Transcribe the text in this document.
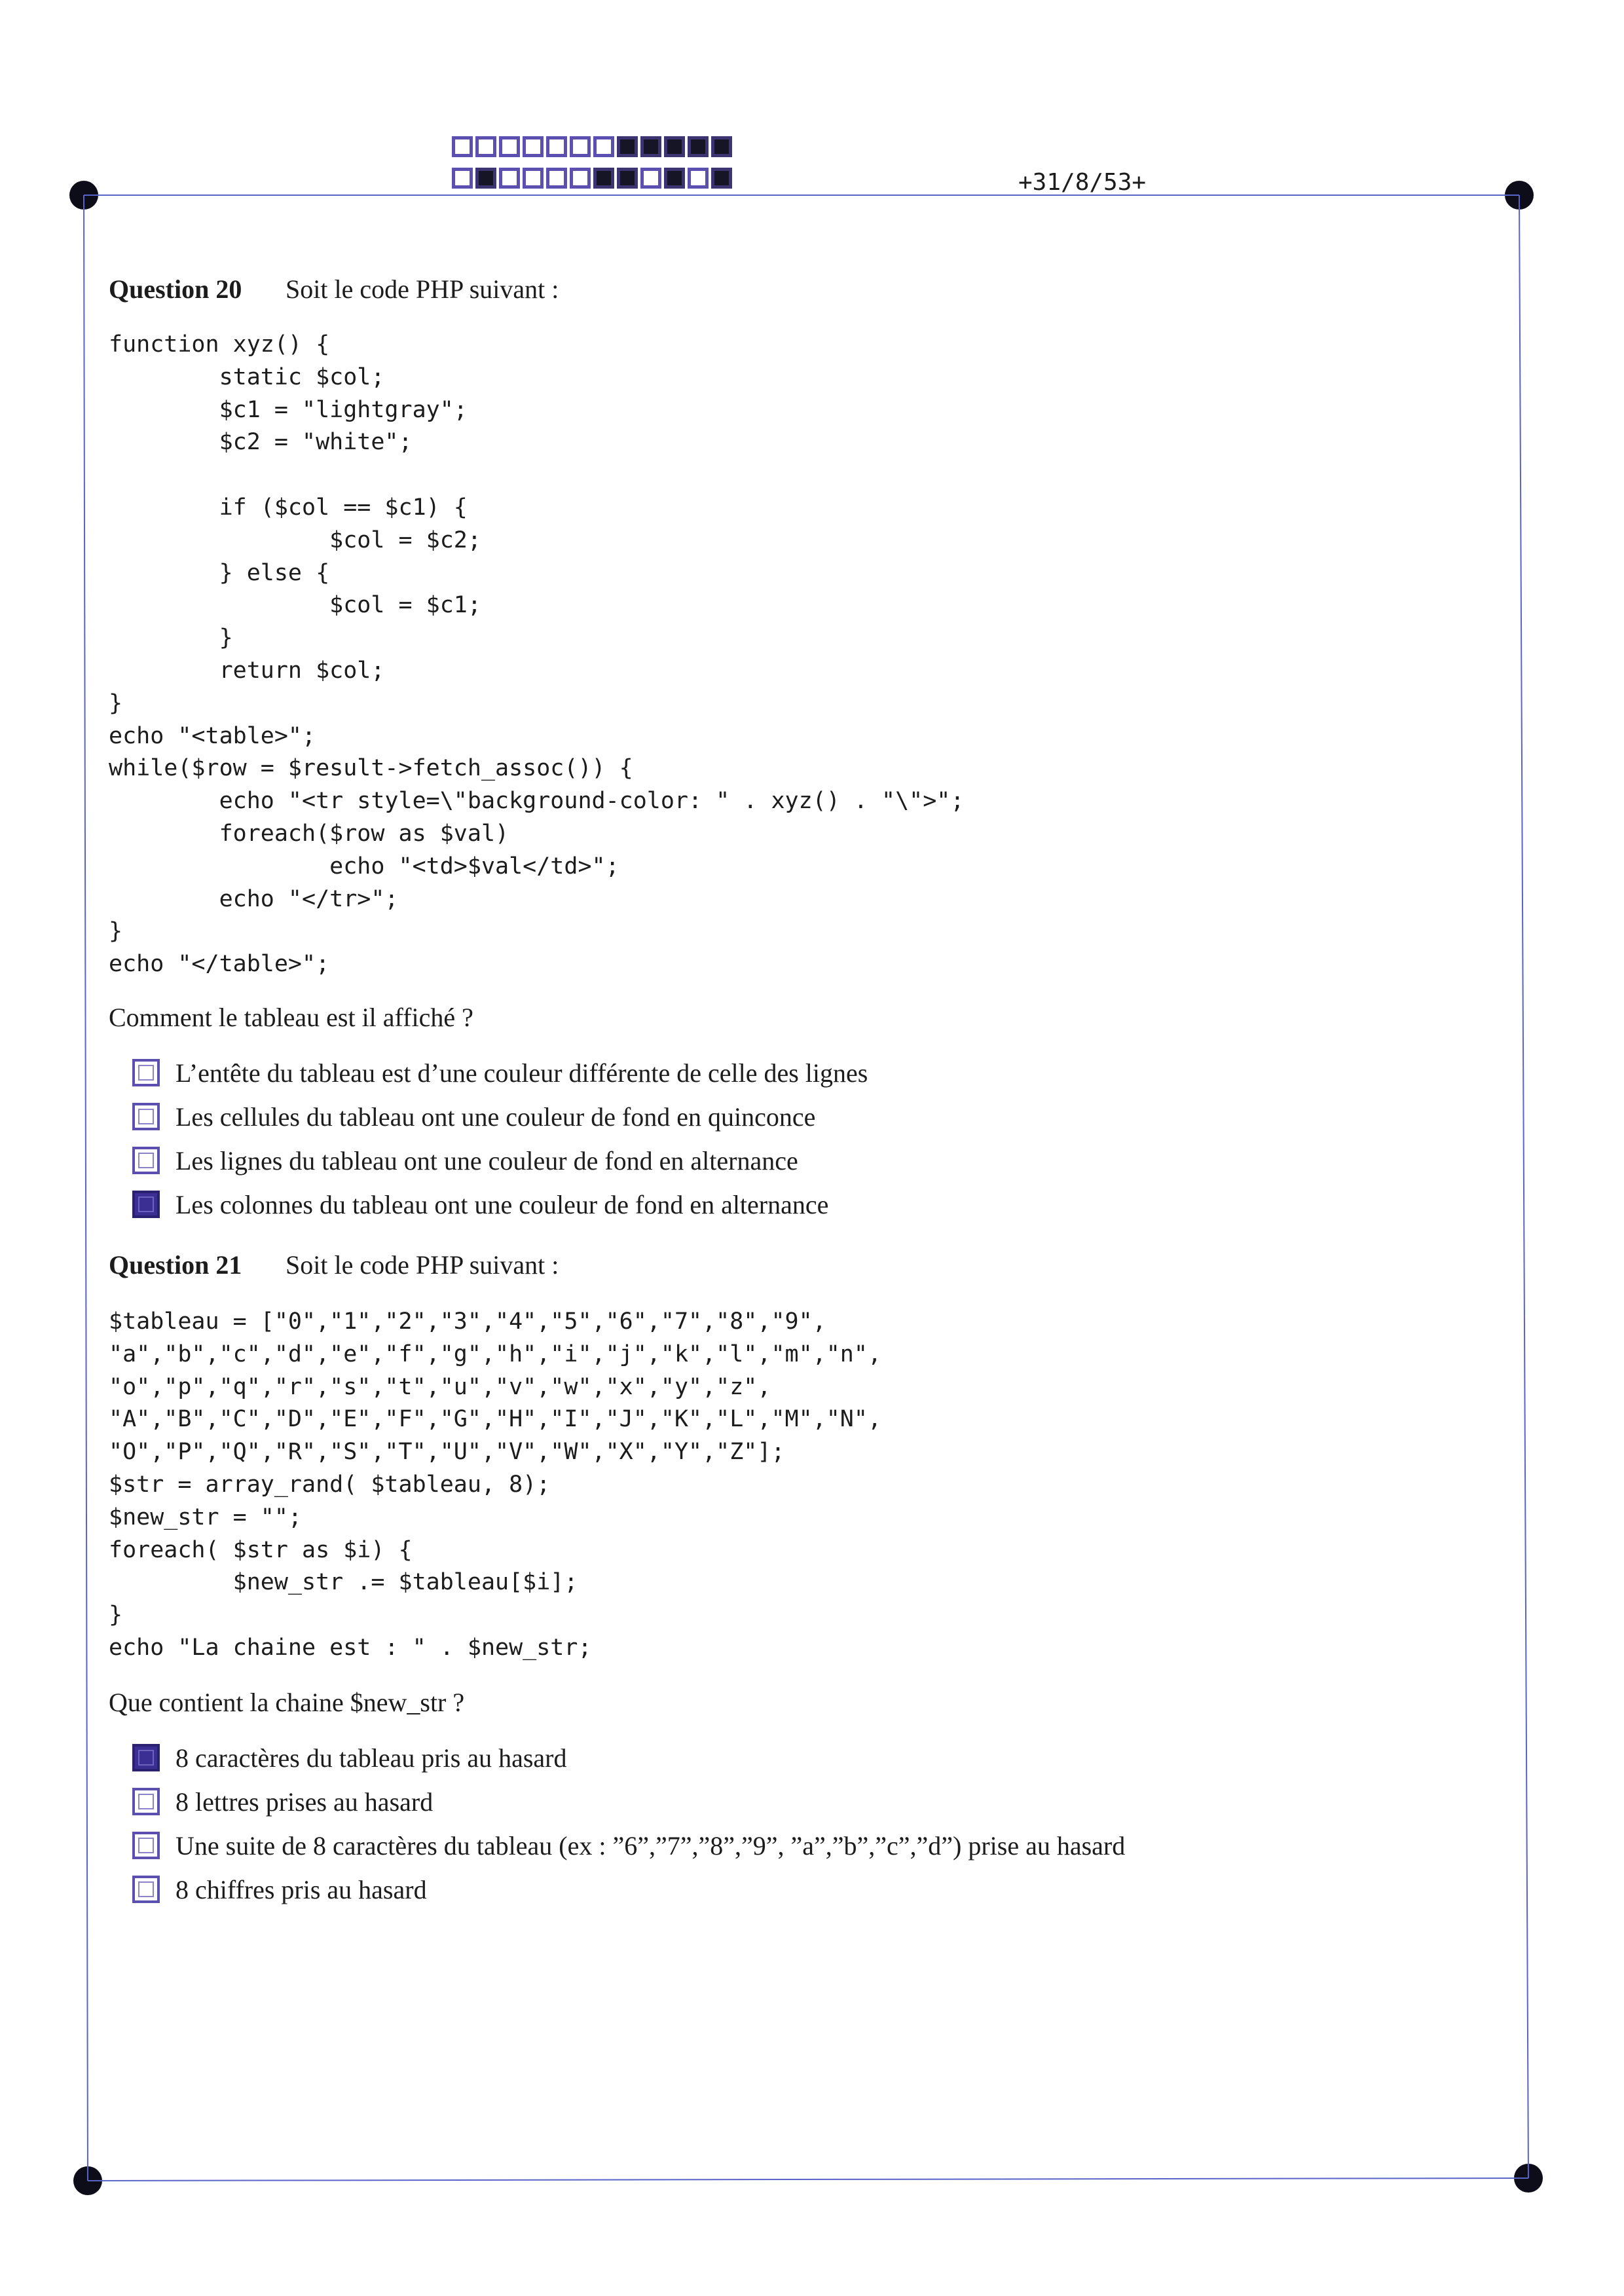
+31/8/53+
Question 20 Soit le code PHP suivant :
function xyz() {
static $col;
$c1 = "lightgray";
$c2 = "white";

if ($col == $c1) {
$col = $c2;
} else {
$col = $c1;
}
return $col;
}
echo "<table>";
while($row = $result->fetch_assoc()) {
echo "<tr style=\"background-color: " . xyz() . "\">";
foreach($row as $val)
echo "<td>$val</td>";
echo "</tr>";
}
echo "</table>";
Comment le tableau est il affiché ?
L’entête du tableau est d’une couleur différente de celle des lignes
Les cellules du tableau ont une couleur de fond en quinconce
Les lignes du tableau ont une couleur de fond en alternance
Les colonnes du tableau ont une couleur de fond en alternance
Question 21 Soit le code PHP suivant :
$tableau = ["0","1","2","3","4","5","6","7","8","9",
"a","b","c","d","e","f","g","h","i","j","k","l","m","n",
"o","p","q","r","s","t","u","v","w","x","y","z",
"A","B","C","D","E","F","G","H","I","J","K","L","M","N",
"O","P","Q","R","S","T","U","V","W","X","Y","Z"];
$str = array_rand( $tableau, 8);
$new_str = "";
foreach( $str as $i) {
$new_str .= $tableau[$i];
}
echo "La chaine est : " . $new_str;
Que contient la chaine $new_str ?
8 caractères du tableau pris au hasard
8 lettres prises au hasard
Une suite de 8 caractères du tableau (ex : ”6”,”7”,”8”,”9”, ”a”,”b”,”c”,”d”) prise au hasard
8 chiffres pris au hasard
